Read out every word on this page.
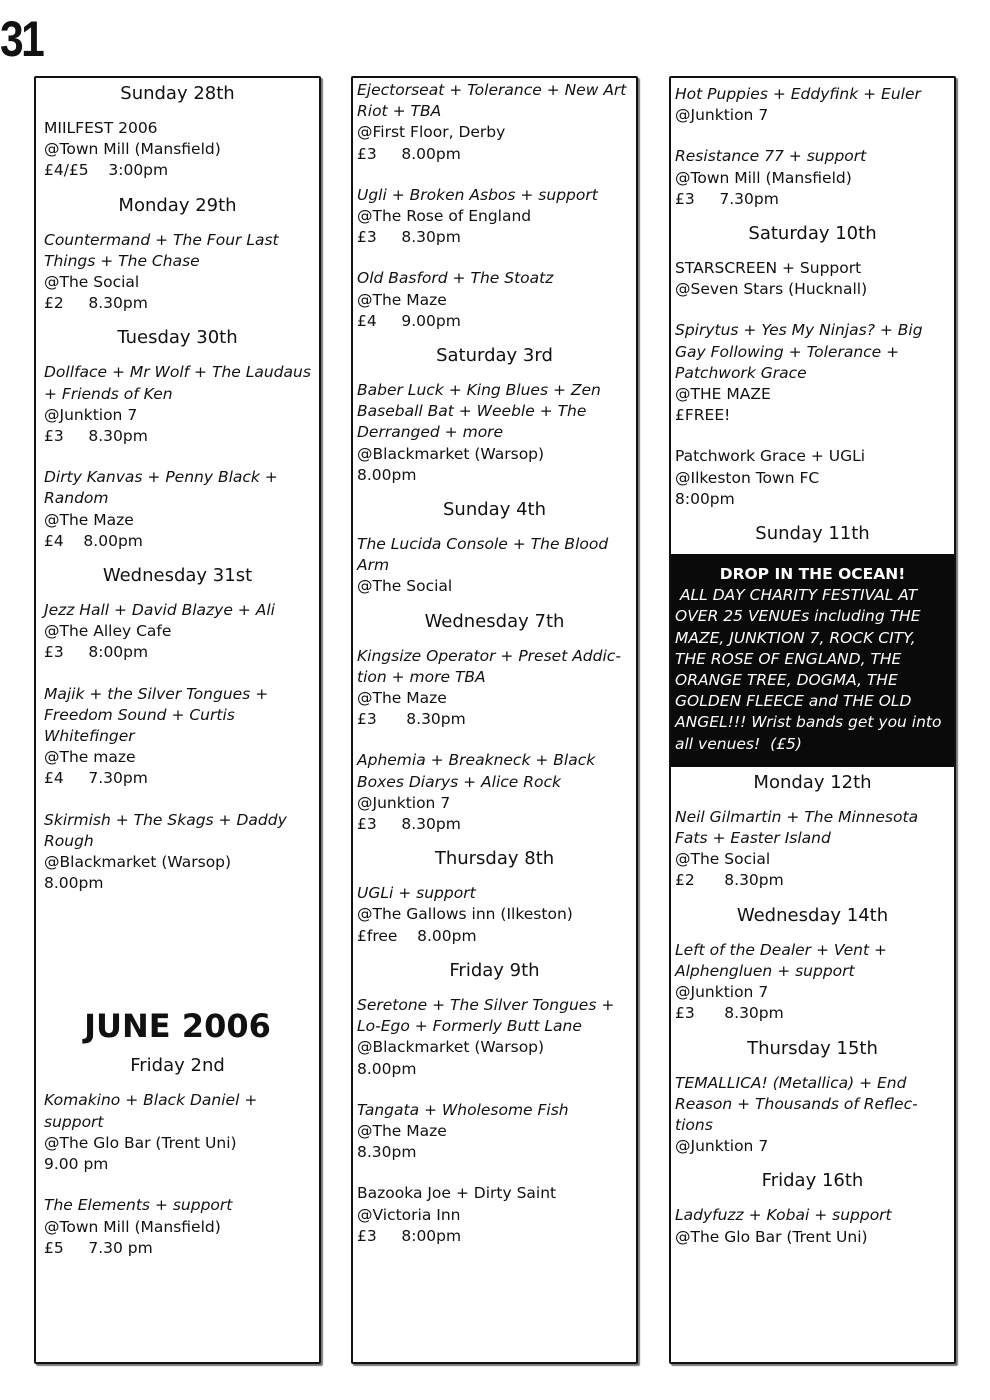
31

Sunday 28th

MIILFEST 2006

@Town Mill (Mansfield)

£4/£5    3:00pm

Monday 29th

Countermand + The Four Last Things + The Chase

@The Social

£2     8.30pm

Tuesday 30th

Dollface + Mr Wolf + The Laudaus + Friends of Ken

@Junktion 7

£3     8.30pm

Dirty Kanvas + Penny Black + Random

@The Maze

£4    8.00pm

Wednesday 31st

Jezz Hall + David Blazye + Ali

@The Alley Cafe

£3     8:00pm

Majik + the Silver Tongues + Freedom Sound + Curtis Whitefinger

@The maze

£4     7.30pm

Skirmish + The Skags + Daddy Rough

@Blackmarket (Warsop)

8.00pm

JUNE 2006

Friday 2nd

Komakino + Black Daniel + support

@The Glo Bar (Trent Uni)

9.00 pm

The Elements + support

@Town Mill (Mansfield)

£5     7.30 pm

Ejectorseat + Tolerance + New Art Riot + TBA

@First Floor, Derby

£3     8.00pm

Ugli + Broken Asbos + support

@The Rose of England

£3     8.30pm

Old Basford + The Stoatz

@The Maze

£4     9.00pm

Saturday 3rd

Baber Luck + King Blues + Zen Baseball Bat + Weeble + The Derranged + more

@Blackmarket (Warsop)

8.00pm

Sunday 4th

The Lucida Console + The Blood Arm

@The Social

Wednesday 7th

Kingsize Operator + Preset Addic-tion + more TBA

@The Maze

£3      8.30pm

Aphemia + Breakneck + Black Boxes Diarys + Alice Rock

@Junktion 7

£3     8.30pm

Thursday 8th

UGLi + support

@The Gallows inn (Ilkeston)

£free    8.00pm

Friday 9th

Seretone + The Silver Tongues + Lo-Ego + Formerly Butt Lane

@Blackmarket (Warsop)

8.00pm

Tangata + Wholesome Fish

@The Maze

8.30pm

Bazooka Joe + Dirty Saint

@Victoria Inn

£3     8:00pm

Hot Puppies + Eddyfink + Euler

@Junktion 7

Resistance 77 + support

@Town Mill (Mansfield)

£3     7.30pm

Saturday 10th

STARSCREEN + Support

@Seven Stars (Hucknall)

Spirytus + Yes My Ninjas? + Big Gay Following + Tolerance + Patchwork Grace

@THE MAZE

£FREE!

Patchwork Grace + UGLi

@Ilkeston Town FC

8:00pm

Sunday 11th

DROP IN THE OCEAN!
ALL DAY CHARITY FESTIVAL AT OVER 25 VENUEs including THE MAZE, JUNKTION 7, ROCK CITY, THE ROSE OF ENGLAND, THE ORANGE TREE, DOGMA, THE GOLDEN FLEECE and THE OLD ANGEL!!! Wrist bands get you into all venues!  (£5)

Monday 12th

Neil Gilmartin + The Minnesota Fats + Easter Island

@The Social

£2      8.30pm

Wednesday 14th

Left of the Dealer + Vent + Alphengluen + support

@Junktion 7

£3      8.30pm

Thursday 15th

TEMALLICA! (Metallica) + End Reason + Thousands of Reflec-tions

@Junktion 7

Friday 16th

Ladyfuzz + Kobai + support

@The Glo Bar (Trent Uni)
